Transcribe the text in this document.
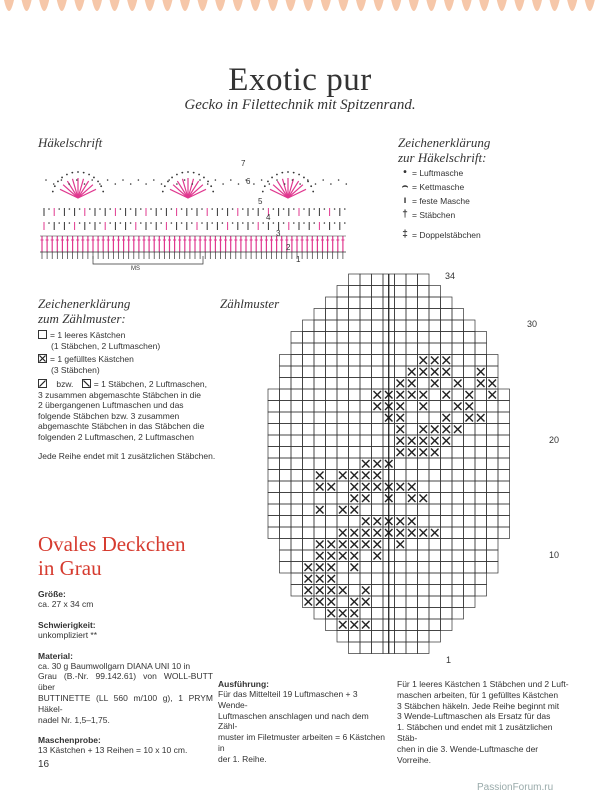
Exotic pur
Gecko in Filettechnik mit Spitzenrand.
Häkelschrift
MS
7
6
5
4
3
2
1
Zeichenerklärung
zur Häkelschrift:
• = Luftmasche
⌢ = Kettmasche
ı = feste Masche
† = Stäbchen
‡ = Doppelstäbchen
Zeichenerklärung
zum Zählmuster:
= 1 leeres Kästchen
(1 Stäbchen, 2 Luftmaschen)
= 1 gefülltes Kästchen
(3 Stäbchen)
bzw. = 1 Stäbchen, 2 Luftmaschen,
3 zusammen abgemaschte Stäbchen in die
2 übergangenen Luftmaschen und das
folgende Stäbchen bzw. 3 zusammen
abgemaschte Stäbchen in das Stäbchen die
folgenden 2 Luftmaschen, 2 Luftmaschen
Jede Reihe endet mit 1 zusätzlichen Stäbchen.
Zählmuster
34
30
20
10
1
Ovales Deckchen
in Grau
Größe:
ca. 27 x 34 cm
Schwierigkeit:
unkompliziert **
Material:
ca. 30 g Baumwollgarn DIANA UNI 10 in
Grau (B.-Nr. 99.142.61) von WOLL-BUTT über
BUTTINETTE (LL 560 m/100 g), 1 PRYM Häkel-
nadel Nr. 1,5–1,75.
Maschenprobe:
13 Kästchen + 13 Reihen = 10 x 10 cm.
Ausführung:
Für das Mittelteil 19 Luftmaschen + 3 Wende-
Luftmaschen anschlagen und nach dem Zähl-
muster im Filetmuster arbeiten = 6 Kästchen in
der 1. Reihe.
Für 1 leeres Kästchen 1 Stäbchen und 2 Luft-
maschen arbeiten, für 1 gefülltes Kästchen
3 Stäbchen häkeln. Jede Reihe beginnt mit
3 Wende-Luftmaschen als Ersatz für das
1. Stäbchen und endet mit 1 zusätzlichen Stäb-
chen in die 3. Wende-Luftmasche der Vorreihe.
16
PassionForum.ru
